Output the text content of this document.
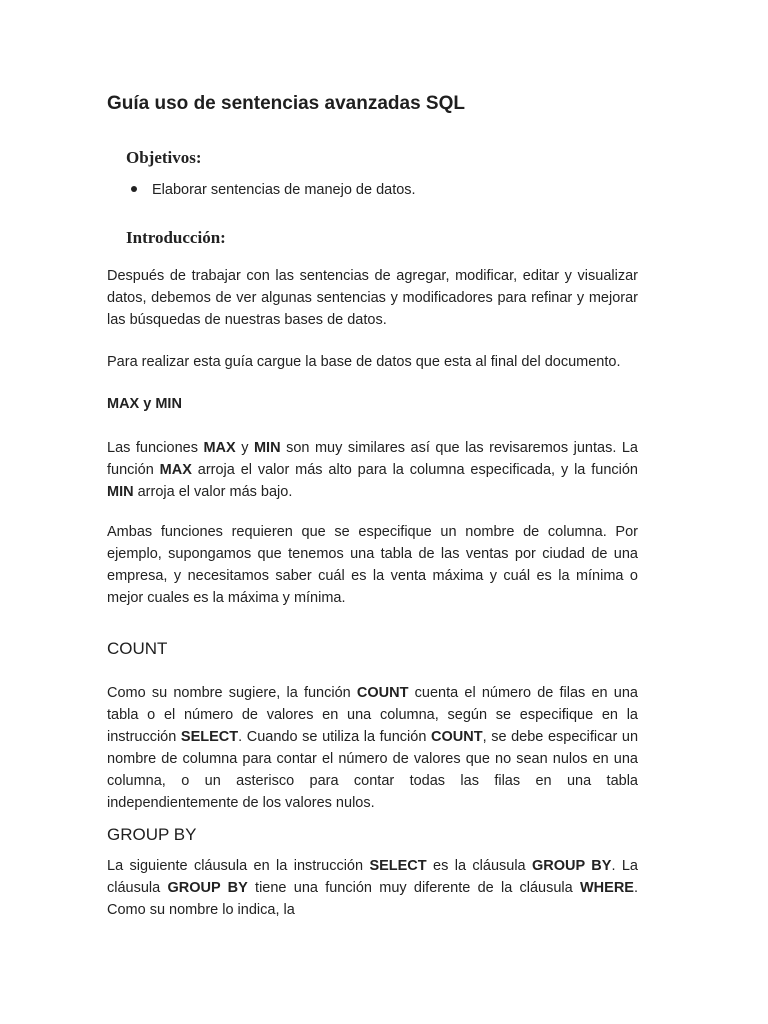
Guía uso de sentencias avanzadas SQL
Objetivos:
Elaborar sentencias de manejo de datos.
Introducción:

Después de trabajar con las sentencias de agregar, modificar, editar y visualizar datos, debemos de ver algunas sentencias y modificadores para refinar y mejorar las búsquedas de nuestras bases de datos.

Para realizar esta guía cargue la base de datos que esta al final del documento.

MAX y MIN

Las funciones MAX y MIN son muy similares así que las revisaremos juntas. La función MAX arroja el valor más alto para la columna especificada, y la función MIN arroja el valor más bajo.

Ambas funciones requieren que se especifique un nombre de columna. Por ejemplo, supongamos que tenemos una tabla de las ventas por ciudad de una empresa, y necesitamos saber cuál es la venta máxima y cuál es la mínima o mejor cuales es la máxima y mínima.

COUNT

Como su nombre sugiere, la función COUNT cuenta el número de filas en una tabla o el número de valores en una columna, según se especifique en la instrucción SELECT. Cuando se utiliza la función COUNT, se debe especificar un nombre de columna para contar el número de valores que no sean nulos en una columna, o un asterisco para contar todas las filas en una tabla independientemente de los valores nulos.

GROUP BY

La siguiente cláusula en la instrucción SELECT es la cláusula GROUP BY. La cláusula GROUP BY tiene una función muy diferente de la cláusula WHERE. Como su nombre lo indica, la
